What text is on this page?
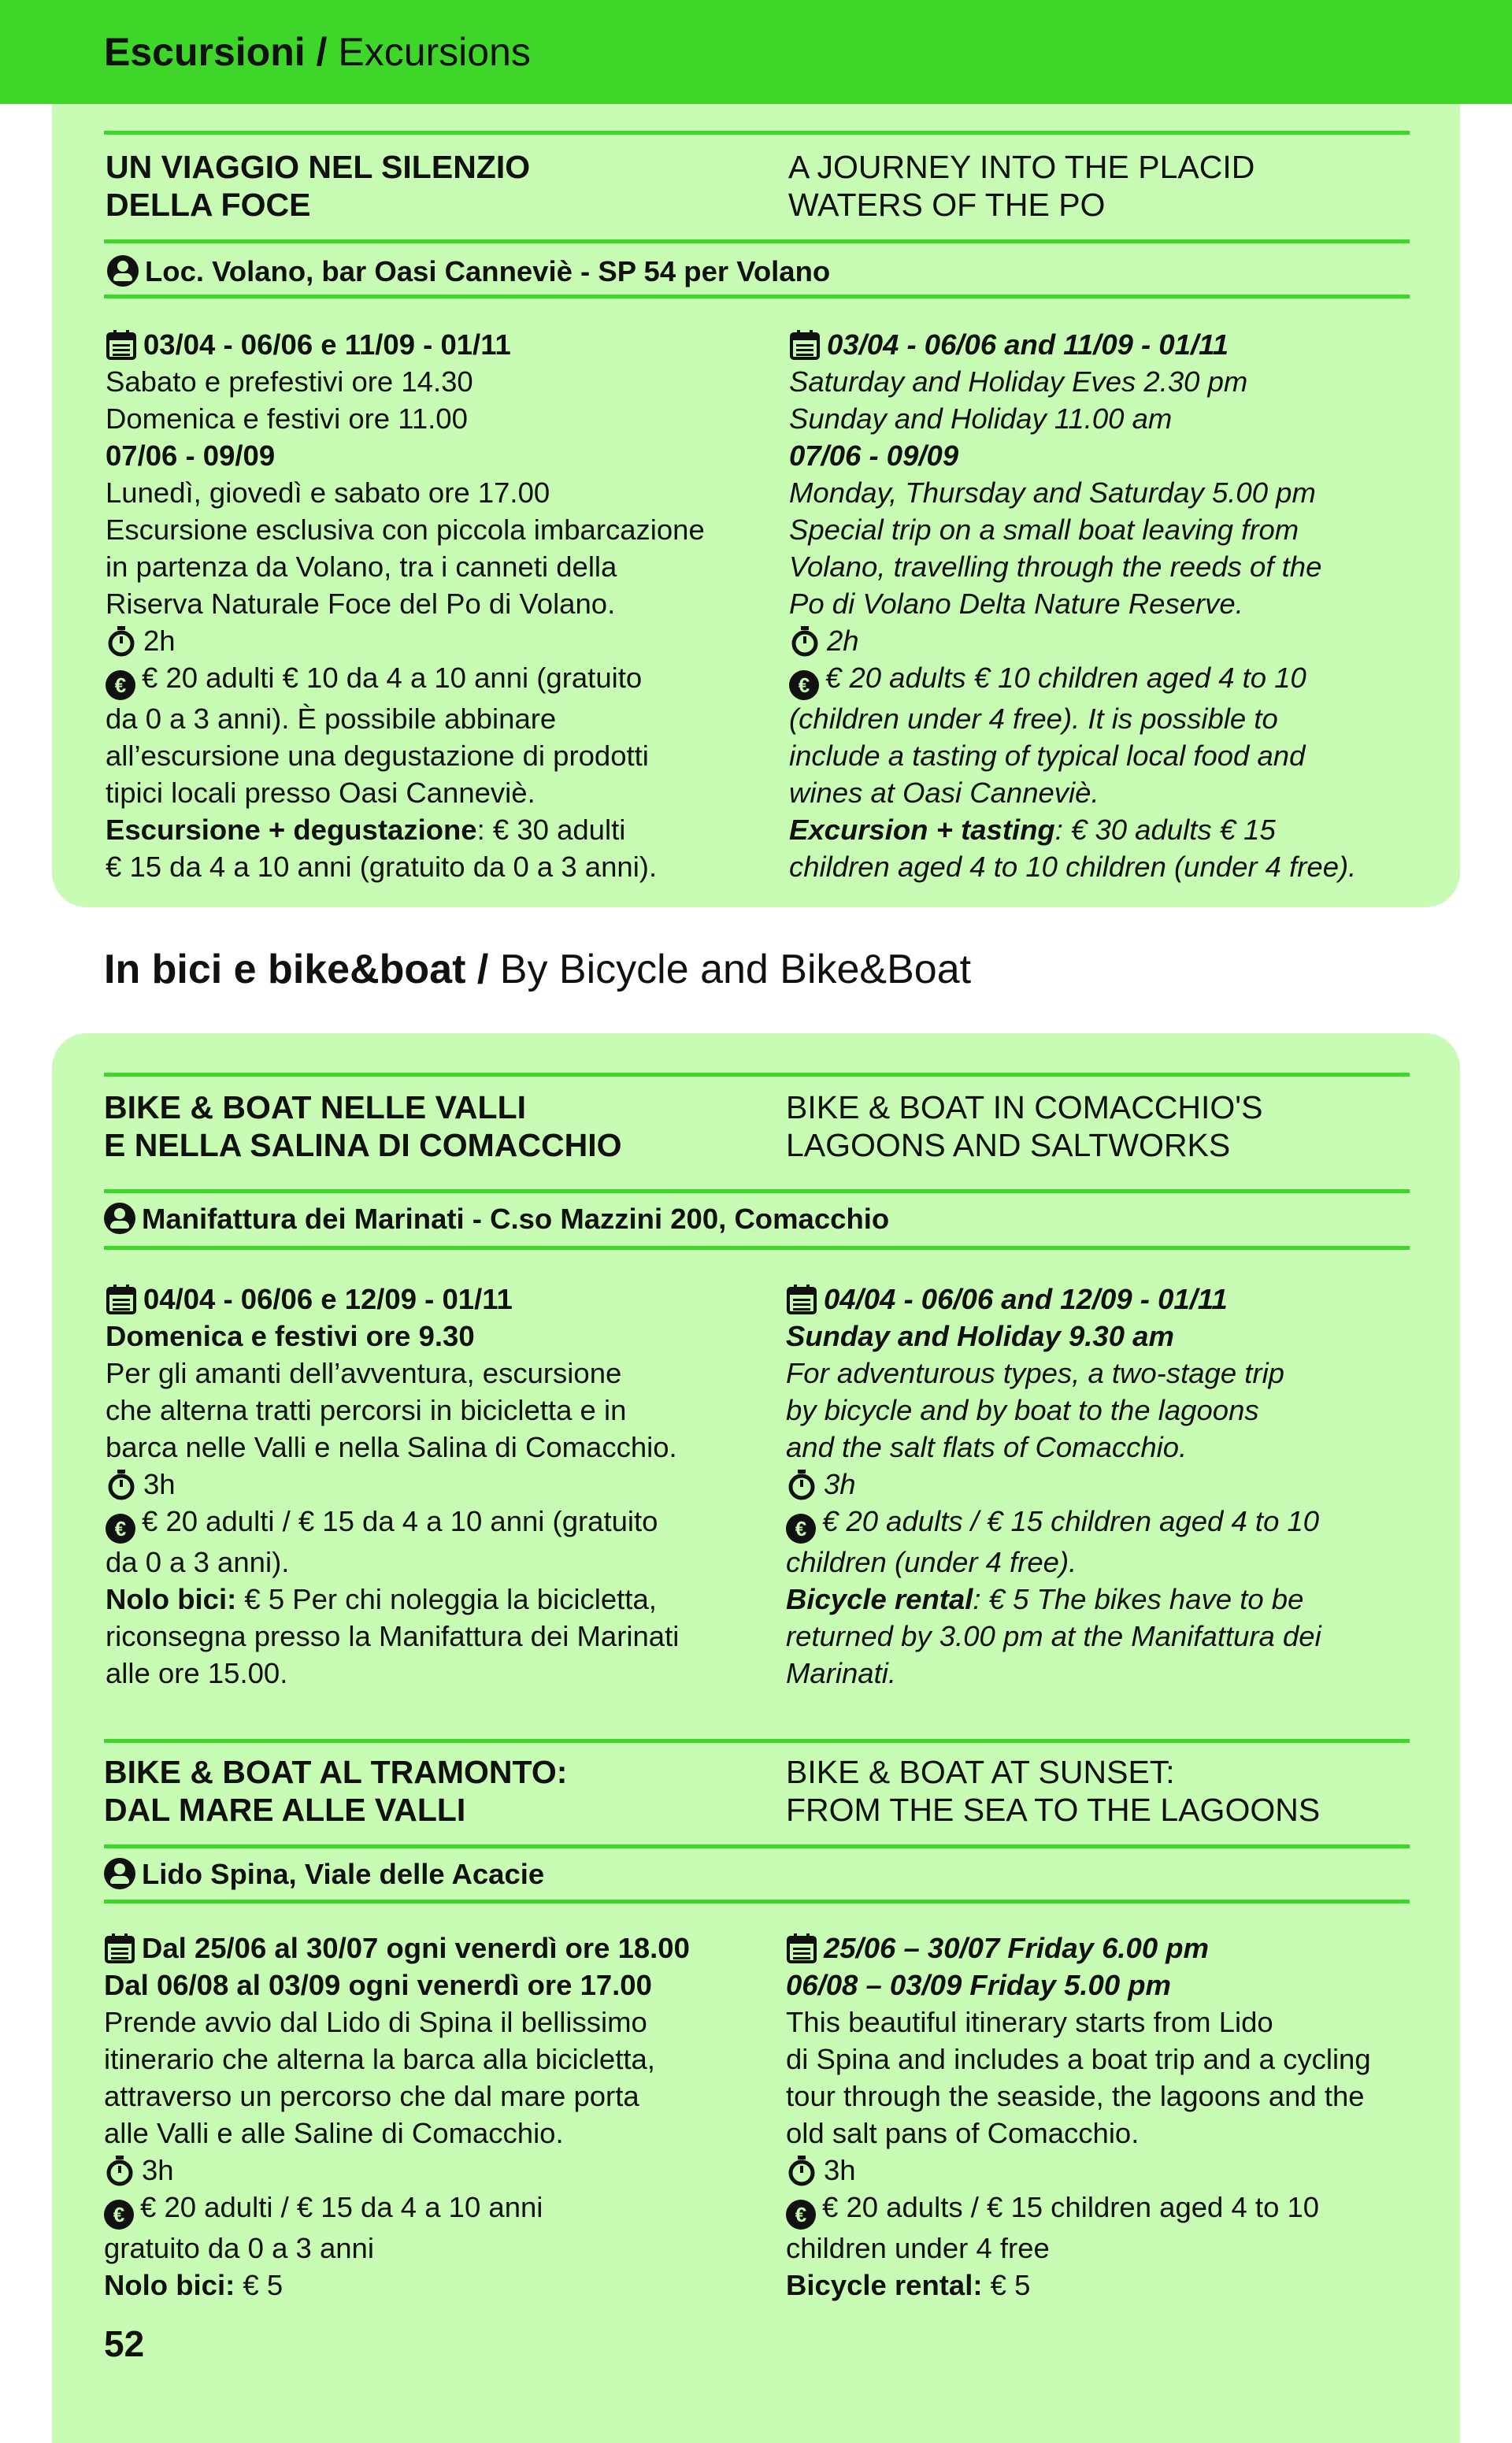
Escursioni / Excursions
UN VIAGGIO NEL SILENZIO
DELLA FOCE
A JOURNEY INTO THE PLACID
WATERS OF THE PO
Loc. Volano, bar Oasi Canneviè - SP 54 per Volano
03/04 - 06/06 e 11/09 - 01/11
Sabato e prefestivi ore 14.30
Domenica e festivi ore 11.00
07/06 - 09/09
Lunedì, giovedì e sabato ore 17.00
Escursione esclusiva con piccola imbarcazione
in partenza da Volano, tra i canneti della
Riserva Naturale Foce del Po di Volano.
2h
€ € 20 adulti € 10 da 4 a 10 anni (gratuito
da 0 a 3 anni). È possibile abbinare
all’escursione una degustazione di prodotti
tipici locali presso Oasi Canneviè.
Escursione + degustazione: € 30 adulti
€ 15 da 4 a 10 anni (gratuito da 0 a 3 anni).
03/04 - 06/06 and 11/09 - 01/11
Saturday and Holiday Eves 2.30 pm
Sunday and Holiday 11.00 am
07/06 - 09/09
Monday, Thursday and Saturday 5.00 pm
Special trip on a small boat leaving from
Volano, travelling through the reeds of the
Po di Volano Delta Nature Reserve.
2h
€ € 20 adults € 10 children aged 4 to 10
(children under 4 free). It is possible to
include a tasting of typical local food and
wines at Oasi Canneviè.
Excursion + tasting: € 30 adults € 15
children aged 4 to 10 children (under 4 free).
In bici e bike&boat / By Bicycle and Bike&Boat
BIKE & BOAT NELLE VALLI
E NELLA SALINA DI COMACCHIO
BIKE & BOAT IN COMACCHIO'S
LAGOONS AND SALTWORKS
Manifattura dei Marinati - C.so Mazzini 200, Comacchio
04/04 - 06/06 e 12/09 - 01/11
Domenica e festivi ore 9.30
Per gli amanti dell’avventura, escursione
che alterna tratti percorsi in bicicletta e in
barca nelle Valli e nella Salina di Comacchio.
3h
€ € 20 adulti / € 15 da 4 a 10 anni (gratuito
da 0 a 3 anni).
Nolo bici: € 5 Per chi noleggia la bicicletta,
riconsegna presso la Manifattura dei Marinati
alle ore 15.00.
04/04 - 06/06 and 12/09 - 01/11
Sunday and Holiday 9.30 am
For adventurous types, a two-stage trip
by bicycle and by boat to the lagoons
and the salt flats of Comacchio.
3h
€ € 20 adults / € 15 children aged 4 to 10
children (under 4 free).
Bicycle rental: € 5 The bikes have to be
returned by 3.00 pm at the Manifattura dei
Marinati.
BIKE & BOAT AL TRAMONTO:
DAL MARE ALLE VALLI
BIKE & BOAT AT SUNSET:
FROM THE SEA TO THE LAGOONS
Lido Spina, Viale delle Acacie
Dal 25/06 al 30/07 ogni venerdì ore 18.00
Dal 06/08 al 03/09 ogni venerdì ore 17.00
Prende avvio dal Lido di Spina il bellissimo
itinerario che alterna la barca alla bicicletta,
attraverso un percorso che dal mare porta
alle Valli e alle Saline di Comacchio.
3h
€ € 20 adulti / € 15 da 4 a 10 anni
gratuito da 0 a 3 anni
Nolo bici: € 5
25/06 – 30/07 Friday 6.00 pm
06/08 – 03/09 Friday 5.00 pm
This beautiful itinerary starts from Lido
di Spina and includes a boat trip and a cycling
tour through the seaside, the lagoons and the
old salt pans of Comacchio.
3h
€ € 20 adults / € 15 children aged 4 to 10
children under 4 free
Bicycle rental: € 5
52
